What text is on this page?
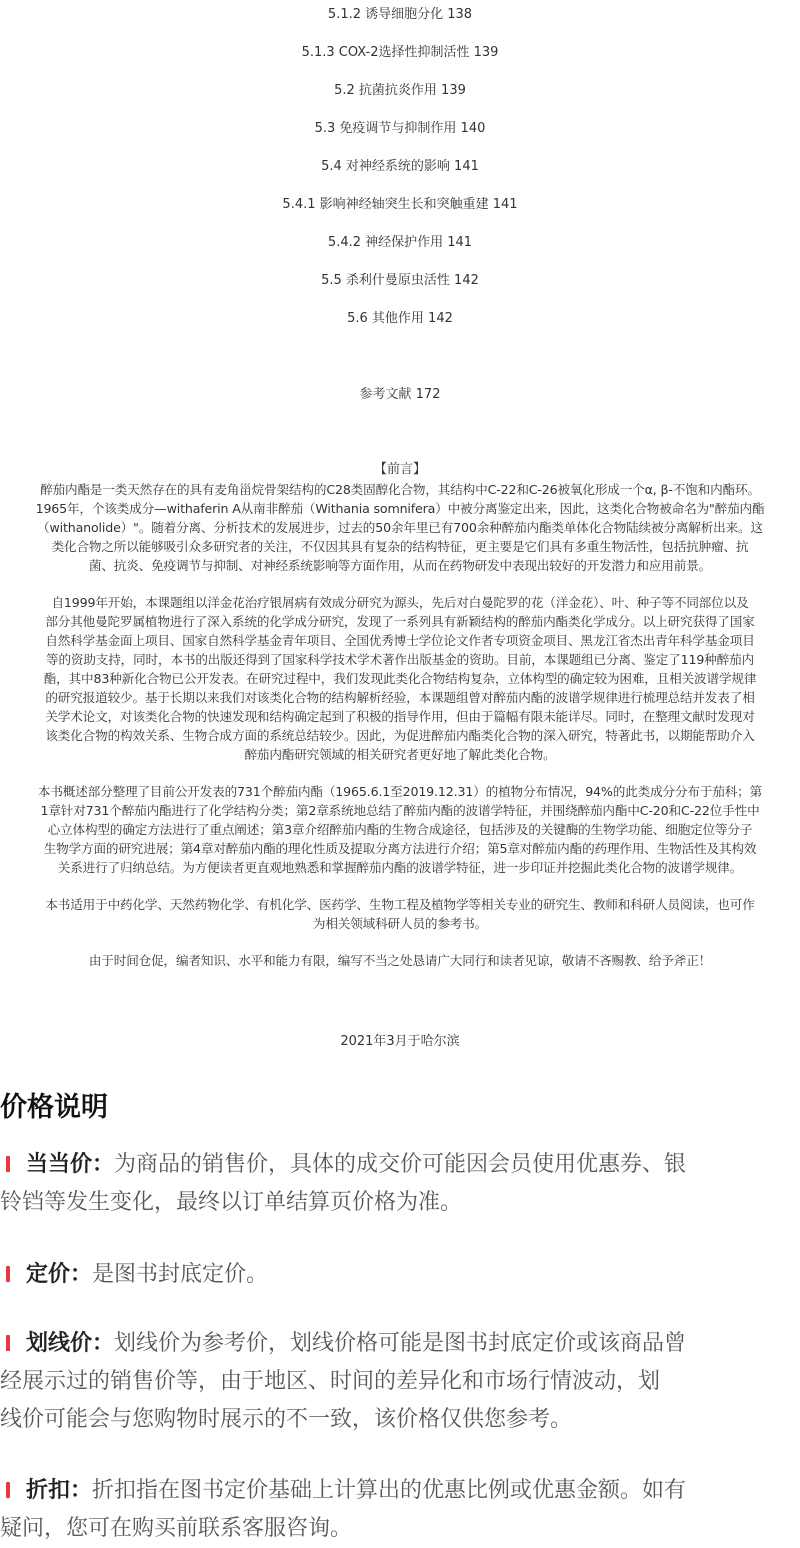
5.1.2 诱导细胞分化 138
5.1.3 COX-2选择性抑制活性 139
5.2 抗菌抗炎作用 139
5.3 免疫调节与抑制作用 140
5.4 对神经系统的影响 141
5.4.1 影响神经轴突生长和突触重建 141
5.4.2 神经保护作用 141
5.5 杀利什曼原虫活性 142
5.6 其他作用 142
参考文献 172
【前言】

醉茄内酯是一类天然存在的具有麦角甾烷骨架结构的C28类固醇化合物，其结构中C-22和C-26被氧化形成一个α, β-不饱和内酯环。

1965年，个该类成分—withaferin A从南非醉茄（Withania somnifera）中被分离鉴定出来，因此，这类化合物被命名为"醉茄内酯

（withanolide）"。随着分离、分析技术的发展进步，过去的50余年里已有700余种醉茄内酯类单体化合物陆续被分离解析出来。这

类化合物之所以能够吸引众多研究者的关注，不仅因其具有复杂的结构特征，更主要是它们具有多重生物活性，包括抗肿瘤、抗

菌、抗炎、免疫调节与抑制、对神经系统影响等方面作用，从而在药物研发中表现出较好的开发潜力和应用前景。

自1999年开始，本课题组以洋金花治疗银屑病有效成分研究为源头，先后对白曼陀罗的花（洋金花）、叶、种子等不同部位以及

部分其他曼陀罗属植物进行了深入系统的化学成分研究，发现了一系列具有新颖结构的醉茄内酯类化学成分。以上研究获得了国家

自然科学基金面上项目、国家自然科学基金青年项目、全国优秀博士学位论文作者专项资金项目、黑龙江省杰出青年科学基金项目

等的资助支持，同时，本书的出版还得到了国家科学技术学术著作出版基金的资助。目前，本课题组已分离、鉴定了119种醉茄内

酯，其中83种新化合物已公开发表。在研究过程中，我们发现此类化合物结构复杂，立体构型的确定较为困难，且相关波谱学规律

的研究报道较少。基于长期以来我们对该类化合物的结构解析经验，本课题组曾对醉茄内酯的波谱学规律进行梳理总结并发表了相

关学术论文，对该类化合物的快速发现和结构确定起到了积极的指导作用，但由于篇幅有限未能详尽。同时，在整理文献时发现对

该类化合物的构效关系、生物合成方面的系统总结较少。因此，为促进醉茄内酯类化合物的深入研究，特著此书，以期能帮助介入

醉茄内酯研究领域的相关研究者更好地了解此类化合物。

本书概述部分整理了目前公开发表的731个醉茄内酯（1965.6.1至2019.12.31）的植物分布情况，94%的此类成分分布于茄科；第

1章针对731个醉茄内酯进行了化学结构分类；第2章系统地总结了醉茄内酯的波谱学特征，并围绕醉茄内酯中C-20和C-22位手性中

心立体构型的确定方法进行了重点阐述；第3章介绍醉茄内酯的生物合成途径，包括涉及的关键酶的生物学功能、细胞定位等分子

生物学方面的研究进展；第4章对醉茄内酯的理化性质及提取分离方法进行介绍；第5章对醉茄内酯的药理作用、生物活性及其构效

关系进行了归纳总结。为方便读者更直观地熟悉和掌握醉茄内酯的波谱学特征，进一步印证并挖掘此类化合物的波谱学规律。

本书适用于中药化学、天然药物化学、有机化学、医药学、生物工程及植物学等相关专业的研究生、教师和科研人员阅读，也可作

为相关领域科研人员的参考书。

由于时间仓促，编者知识、水平和能力有限，编写不当之处恳请广大同行和读者见谅，敬请不吝赐教、给予斧正！

2021年3月于哈尔滨
价格说明
当当价：为商品的销售价，具体的成交价可能因会员使用优惠券、银
铃铛等发生变化，最终以订单结算页价格为准。
定价：是图书封底定价。
划线价：划线价为参考价，划线价格可能是图书封底定价或该商品曾
经展示过的销售价等，由于地区、时间的差异化和市场行情波动，划
线价可能会与您购物时展示的不一致，该价格仅供您参考。
折扣：折扣指在图书定价基础上计算出的优惠比例或优惠金额。如有
疑问，您可在购买前联系客服咨询。
